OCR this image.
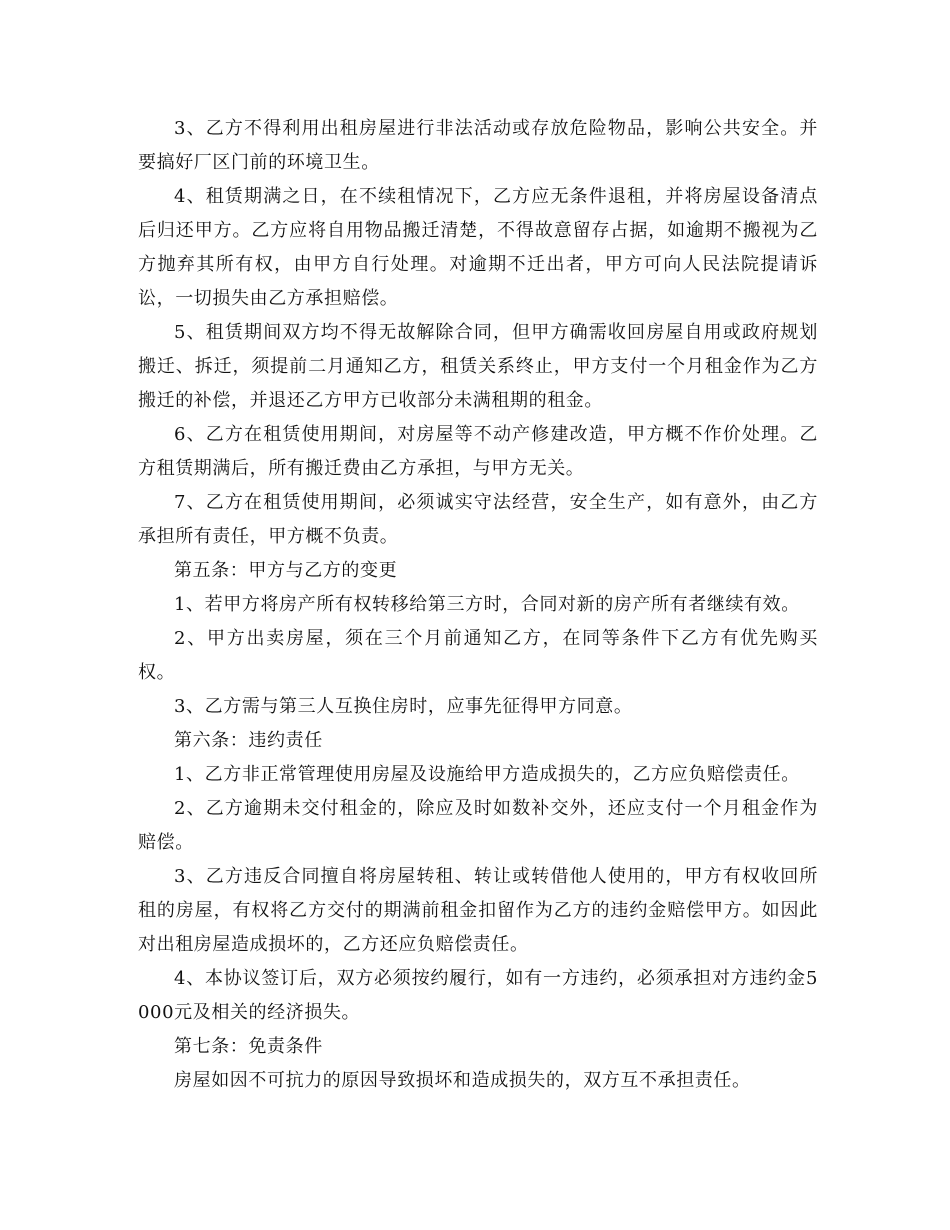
3、乙方不得利用出租房屋进行非法活动或存放危险物品，影响公共安全。并要搞好厂区门前的环境卫生。

4、租赁期满之日，在不续租情况下，乙方应无条件退租，并将房屋设备清点后归还甲方。乙方应将自用物品搬迁清楚，不得故意留存占据，如逾期不搬视为乙方抛弃其所有权，由甲方自行处理。对逾期不迁出者，甲方可向人民法院提请诉讼，一切损失由乙方承担赔偿。

5、租赁期间双方均不得无故解除合同，但甲方确需收回房屋自用或政府规划搬迁、拆迁，须提前二月通知乙方，租赁关系终止，甲方支付一个月租金作为乙方搬迁的补偿，并退还乙方甲方已收部分未满租期的租金。

6、乙方在租赁使用期间，对房屋等不动产修建改造，甲方概不作价处理。乙方租赁期满后，所有搬迁费由乙方承担，与甲方无关。

7、乙方在租赁使用期间，必须诚实守法经营，安全生产，如有意外，由乙方承担所有责任，甲方概不负责。

第五条：甲方与乙方的变更

1、若甲方将房产所有权转移给第三方时，合同对新的房产所有者继续有效。

2、甲方出卖房屋，须在三个月前通知乙方，在同等条件下乙方有优先购买权。

3、乙方需与第三人互换住房时，应事先征得甲方同意。

第六条：违约责任

1、乙方非正常管理使用房屋及设施给甲方造成损失的，乙方应负赔偿责任。

2、乙方逾期未交付租金的，除应及时如数补交外，还应支付一个月租金作为赔偿。

3、乙方违反合同擅自将房屋转租、转让或转借他人使用的，甲方有权收回所租的房屋，有权将乙方交付的期满前租金扣留作为乙方的违约金赔偿甲方。如因此对出租房屋造成损坏的，乙方还应负赔偿责任。

4、本协议签订后，双方必须按约履行，如有一方违约，必须承担对方违约金5000元及相关的经济损失。

第七条：免责条件

房屋如因不可抗力的原因导致损坏和造成损失的，双方互不承担责任。
